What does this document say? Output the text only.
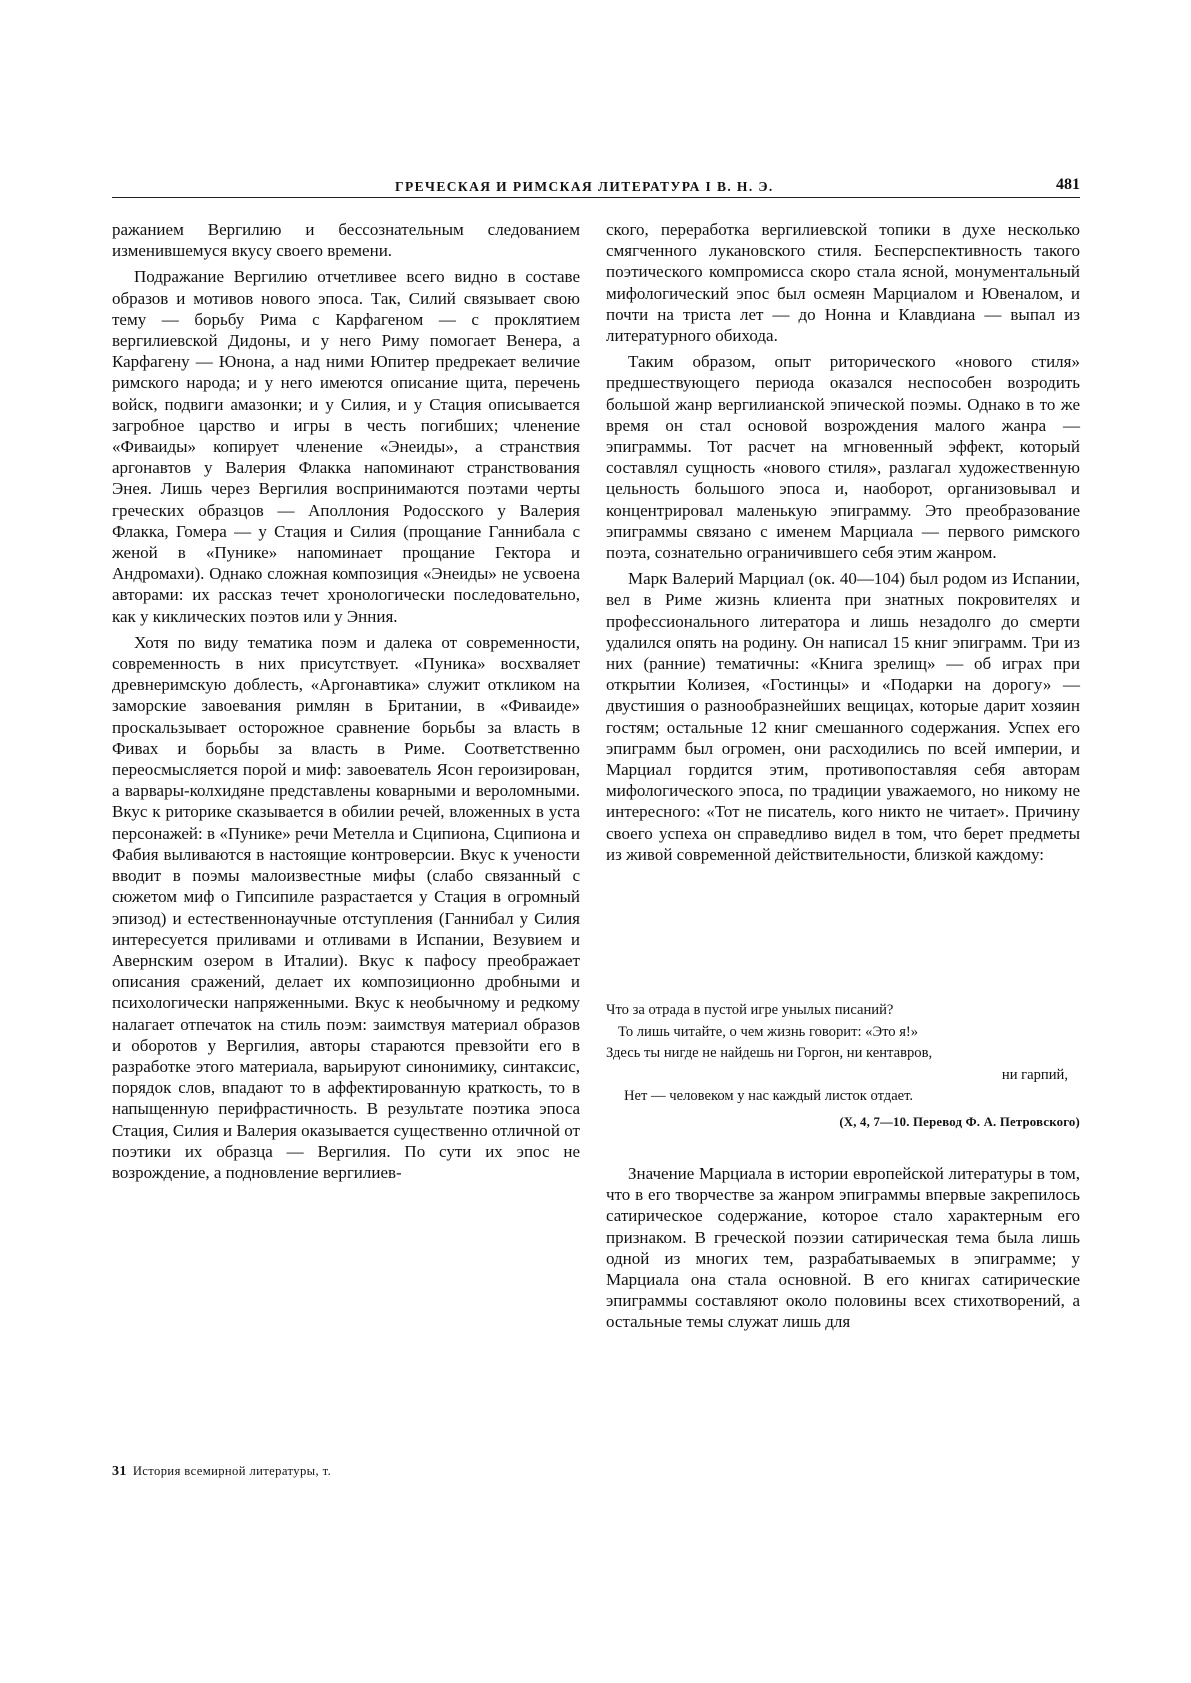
ГРЕЧЕСКАЯ И РИМСКАЯ ЛИТЕРАТУРА I В. Н. Э.	481

ражанием Вергилию и бессознательным следованием изменившемуся вкусу своего времени.

Подражание Вергилию отчетливее всего видно в составе образов и мотивов нового эпоса. Так, Силий связывает свою тему — борьбу Рима с Карфагеном — с проклятием вергилиевской Дидоны, и у него Риму помогает Венера, а Карфагену — Юнона, а над ними Юпитер предрекает величие римского народа; и у него имеются описание щита, перечень войск, подвиги амазонки; и у Силия, и у Стация описывается загробное царство и игры в честь погибших; членение «Фиваиды» копирует членение «Энеиды», а странствия аргонавтов у Валерия Флакка напоминают странствования Энея. Лишь через Вергилия воспринимаются поэтами черты греческих образцов — Аполлония Родосского у Валерия Флакка, Гомера — у Стация и Силия (прощание Ганнибала с женой в «Пунике» напоминает прощание Гектора и Андромахи). Однако сложная композиция «Энеиды» не усвоена авторами: их рассказ течет хронологически последовательно, как у киклических поэтов или у Энния.

Хотя по виду тематика поэм и далека от современности, современность в них присутствует. «Пуника» восхваляет древнеримскую доблесть, «Аргонавтика» служит откликом на заморские завоевания римлян в Британии, в «Фиваиде» проскальзывает осторожное сравнение борьбы за власть в Фивах и борьбы за власть в Риме. Соответственно переосмысляется порой и миф: завоеватель Ясон героизирован, а варвары-колхидяне представлены коварными и вероломными. Вкус к риторике сказывается в обилии речей, вложенных в уста персонажей: в «Пунике» речи Метелла и Сципиона, Сципиона и Фабия выливаются в настоящие контроверсии. Вкус к учености вводит в поэмы малоизвестные мифы (слабо связанный с сюжетом миф о Гипсипиле разрастается у Стация в огромный эпизод) и естественнонаучные отступления (Ганнибал у Силия интересуется приливами и отливами в Испании, Везувием и Авернским озером в Италии). Вкус к пафосу преображает описания сражений, делает их композиционно дробными и психологически напряженными. Вкус к необычному и редкому налагает отпечаток на стиль поэм: заимствуя материал образов и оборотов у Вергилия, авторы стараются превзойти его в разработке этого материала, варьируют синонимику, синтаксис, порядок слов, впадают то в аффектированную краткость, то в напыщенную перифрастичность. В результате поэтика эпоса Стация, Силия и Валерия оказывается существенно отличной от поэтики их образца — Вергилия. По сути их эпос не возрождение, а подновление вергилиев-

ского, переработка вергилиевской топики в духе несколько смягченного лукановского стиля. Бесперспективность такого поэтического компромисса скоро стала ясной, монументальный мифологический эпос был осмеян Марциалом и Ювеналом, и почти на триста лет — до Нонна и Клавдиана — выпал из литературного обихода.

Таким образом, опыт риторического «нового стиля» предшествующего периода оказался неспособен возродить большой жанр вергилианской эпической поэмы. Однако в то же время он стал основой возрождения малого жанра — эпиграммы. Тот расчет на мгновенный эффект, который составлял сущность «нового стиля», разлагал художественную цельность большого эпоса и, наоборот, организовывал и концентрировал маленькую эпиграмму. Это преобразование эпиграммы связано с именем Марциала — первого римского поэта, сознательно ограничившего себя этим жанром.

Марк Валерий Марциал (ок. 40—104) был родом из Испании, вел в Риме жизнь клиента при знатных покровителях и профессионального литератора и лишь незадолго до смерти удалился опять на родину. Он написал 15 книг эпиграмм. Три из них (ранние) тематичны: «Книга зрелищ» — об играх при открытии Колизея, «Гостинцы» и «Подарки на дорогу» — двустишия о разнообразнейших вещицах, которые дарит хозяин гостям; остальные 12 книг смешанного содержания. Успех его эпиграмм был огромен, они расходились по всей империи, и Марциал гордится этим, противопоставляя себя авторам мифологического эпоса, по традиции уважаемого, но никому не интересного: «Тот не писатель, кого никто не читает». Причину своего успеха он справедливо видел в том, что берет предметы из живой современной действительности, близкой каждому:

Что за отрада в пустой игре унылых писаний?
То лишь читайте, о чем жизнь говорит: «Это я!»
Здесь ты нигде не найдешь ни Горгон, ни кентавров,
ни гарпий,
Нет — человеком у нас каждый листок отдает.
(X, 4, 7—10. Перевод Ф. А. Петровского)

Значение Марциала в истории европейской литературы в том, что в его творчестве за жанром эпиграммы впервые закрепилось сатирическое содержание, которое стало характерным его признаком. В греческой поэзии сатирическая тема была лишь одной из многих тем, разрабатываемых в эпиграмме; у Марциала она стала основной. В его книгах сатирические эпиграммы составляют около половины всех стихотворений, а остальные темы служат лишь для

31 История всемирной литературы, т.
